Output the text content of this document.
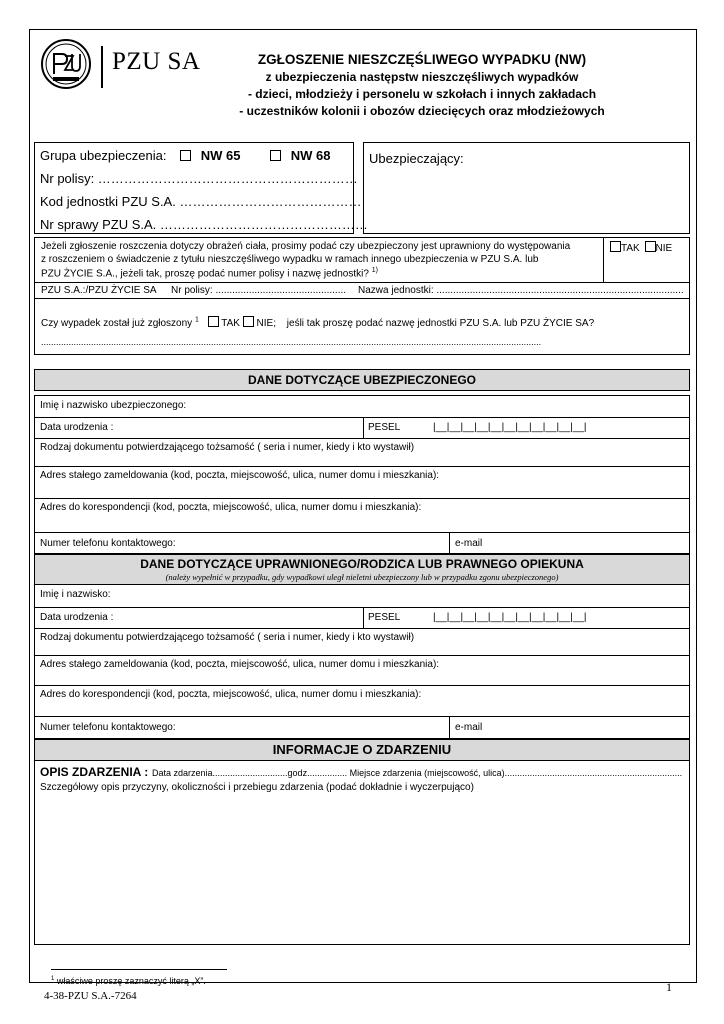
PZU SA	ZGŁOSZENIE NIESZCZĘŚLIWEGO WYPADKU (NW)
z ubezpieczenia następstw nieszczęśliwych wypadków
- dzieci, młodzieży i personelu w szkołach i innych zakładach
- uczestników kolonii i obozów dziecięcych oraz młodzieżowych
Grupa ubezpieczenia:	NW 65	NW 68
Nr polisy: ……………………………………………………
Kod jednostki PZU S.A. ……………………………………
Nr sprawy PZU S.A. …………………………………………
Ubezpieczający:
Jeżeli zgłoszenie roszczenia dotyczy obrażeń ciała, prosimy podać czy ubezpieczony jest uprawniony do występowania
z roszczeniem o świadczenie z tytułu nieszczęśliwego wypadku w ramach innego ubezpieczenia w PZU S.A. lub
PZU ŻYCIE S.A., jeżeli tak, proszę podać numer polisy i nazwę jednostki? $^{1)}$
TAK NIE
PZU S.A.:/PZU ŻYCIE SA Nr polisy: ............................................... Nazwa jednostki: .........................................................................................
Czy wypadek został już zgłoszony $^1$ TAK NIE; jeśli tak proszę podać nazwę jednostki PZU S.A. lub PZU ŻYCIE SA?
........................................................................................................................................................................................................
DANE DOTYCZĄCE UBEZPIECZONEGO
Imię i nazwisko ubezpieczonego:
Data urodzenia :	PESEL	|__|__|__|__|__|__|__|__|__|__|__|
Rodzaj dokumentu potwierdzającego tożsamość ( seria i numer, kiedy i kto wystawił)
Adres stałego zameldowania (kod, poczta, miejscowość, ulica, numer domu i mieszkania):
Adres do korespondencji (kod, poczta, miejscowość, ulica, numer domu i mieszkania):
Numer telefonu kontaktowego:	e-mail
DANE DOTYCZĄCE UPRAWNIONEGO/RODZICA LUB PRAWNEGO OPIEKUNA
(należy wypełnić w przypadku, gdy wypadkowi uległ nieletni ubezpieczony lub w przypadku zgonu ubezpieczonego)
Imię i nazwisko:
Data urodzenia :	PESEL	|__|__|__|__|__|__|__|__|__|__|__|
Rodzaj dokumentu potwierdzającego tożsamość ( seria i numer, kiedy i kto wystawił)
Adres stałego zameldowania (kod, poczta, miejscowość, ulica, numer domu i mieszkania):
Adres do korespondencji (kod, poczta, miejscowość, ulica, numer domu i mieszkania):
Numer telefonu kontaktowego:	e-mail
INFORMACJE O ZDARZENIU
OPIS ZDARZENIA : Data zdarzenia..............................godz................ Miejsce zdarzenia (miejscowość, ulica).......................................................................
Szczegółowy opis przyczyny, okoliczności i przebiegu zdarzenia (podać dokładnie i wyczerpująco)
$^1$ właściwe proszę zaznaczyć literą „X”.	1
4-38-PZU S.A.-7264
